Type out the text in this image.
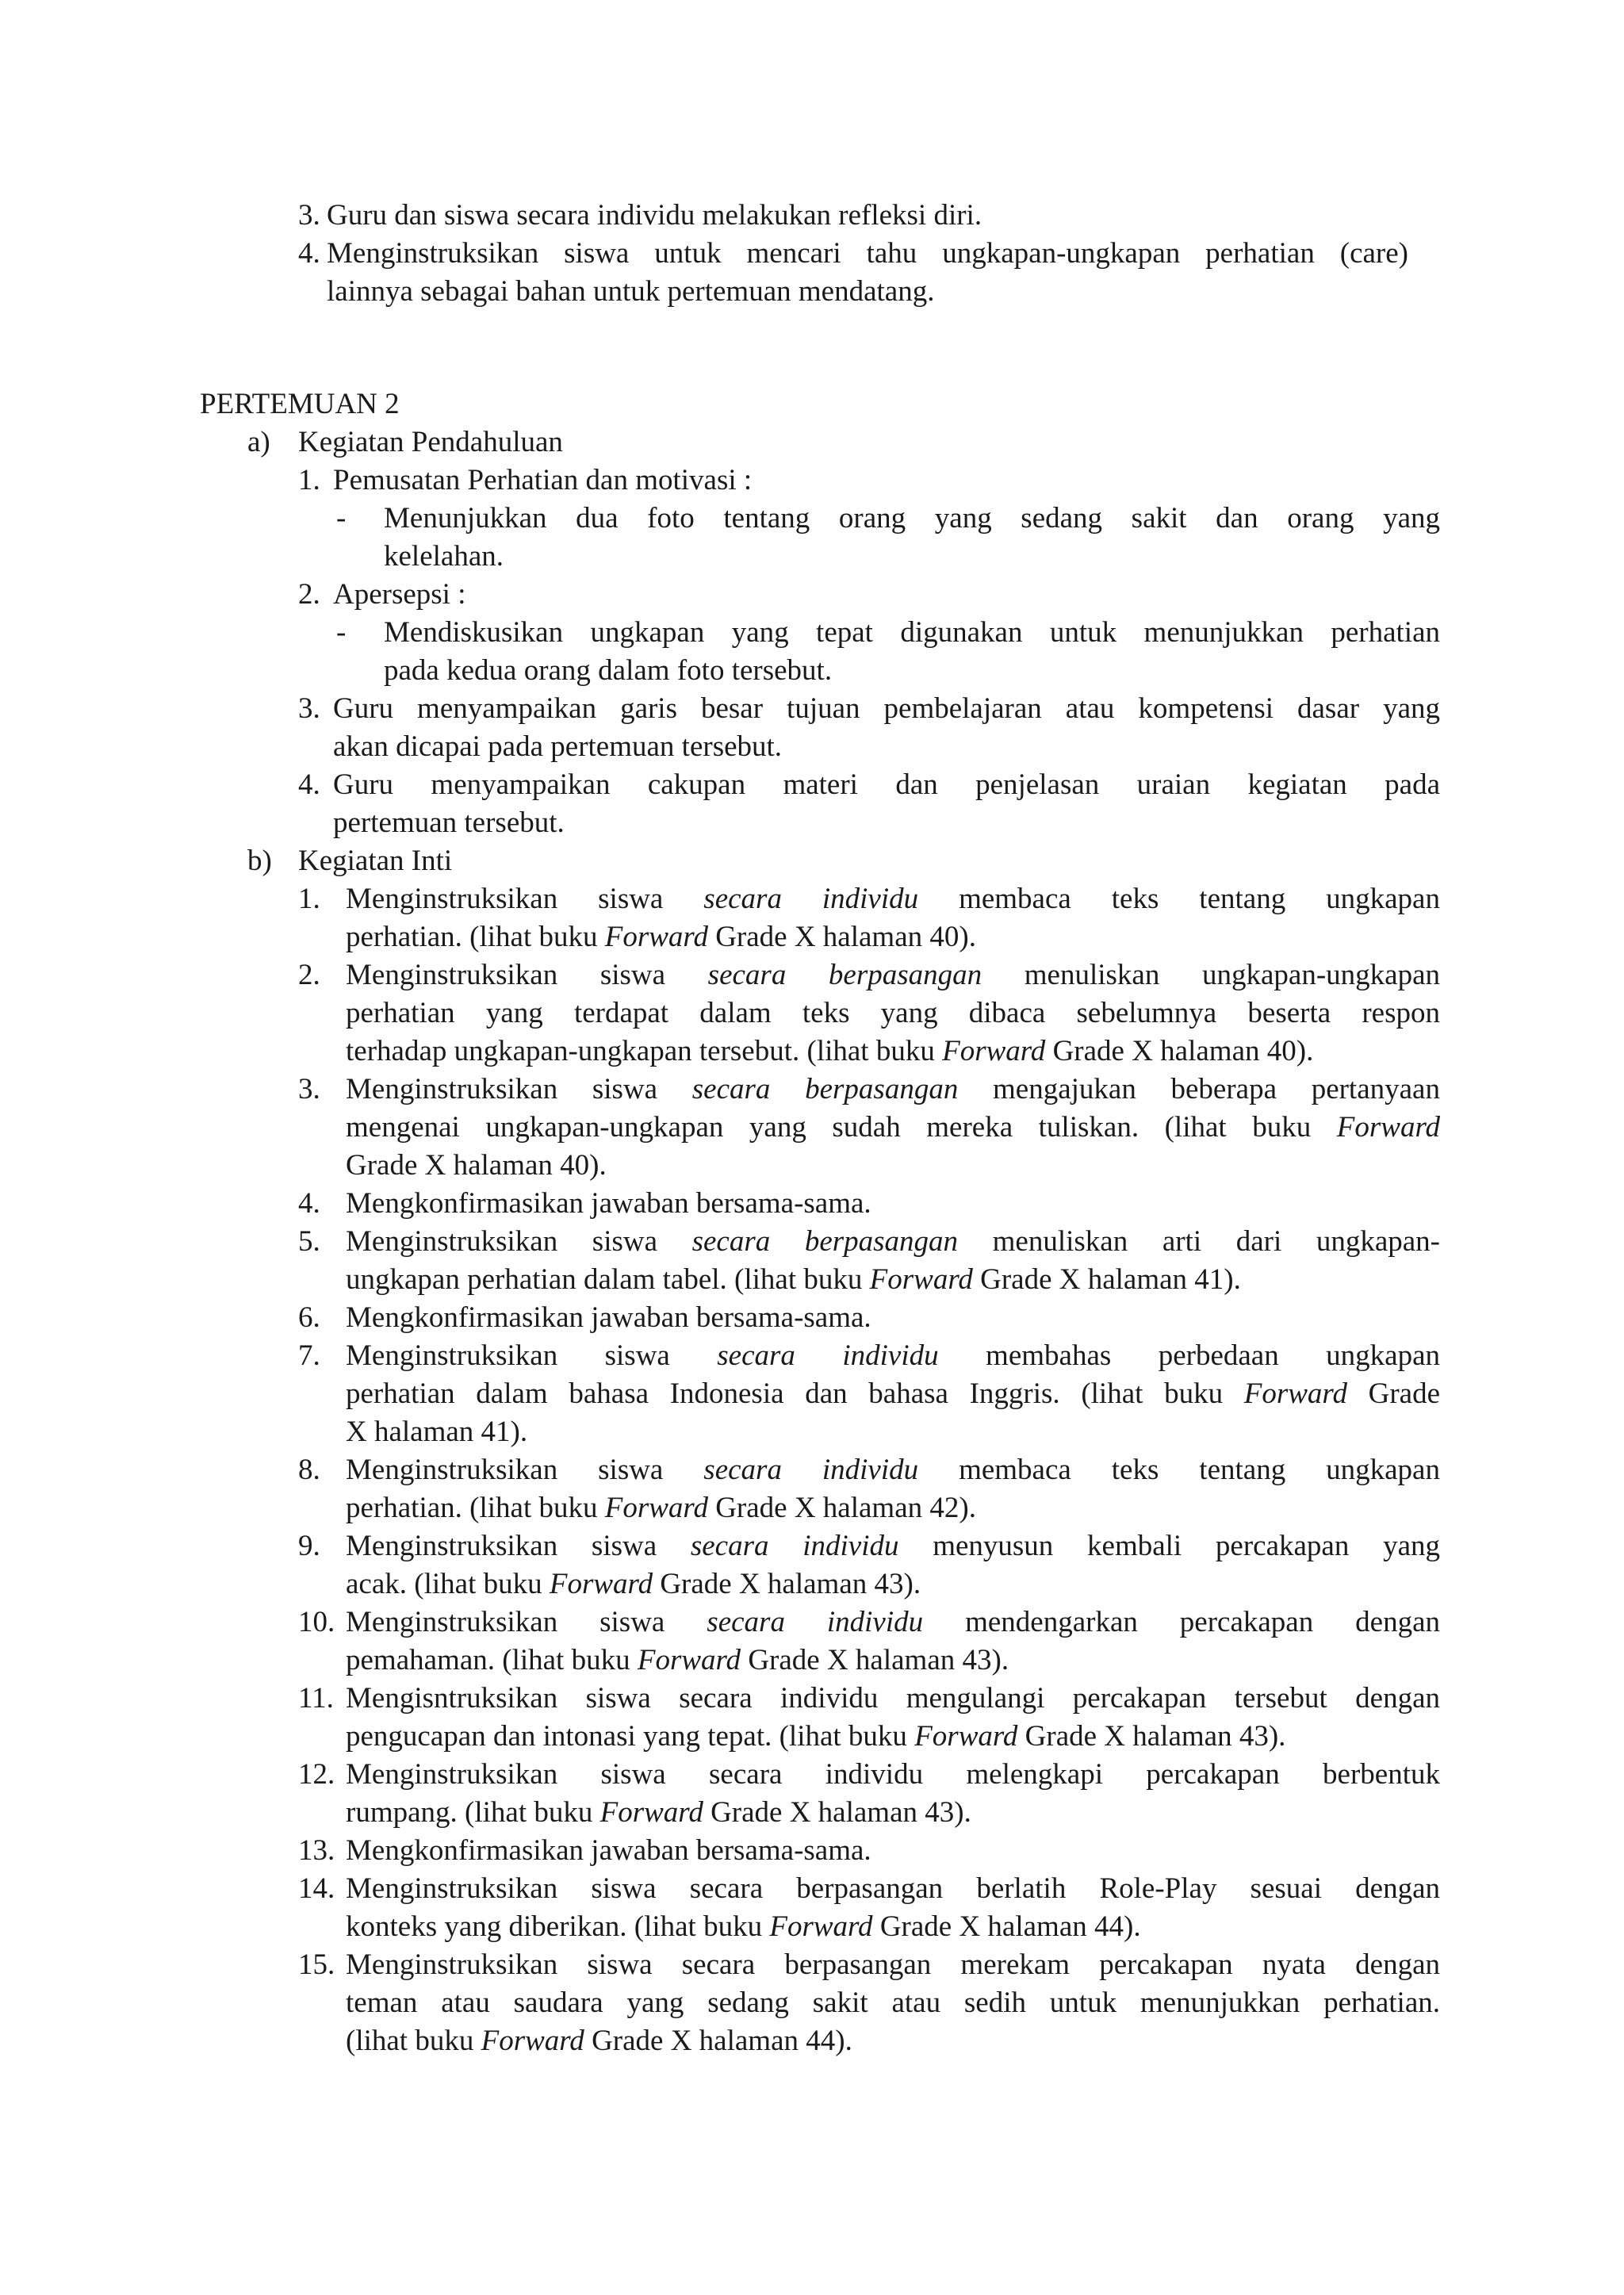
3. Guru dan siswa secara individu melakukan refleksi diri.
4. Menginstruksikan siswa untuk mencari tahu ungkapan-ungkapan perhatian (care)
lainnya sebagai bahan untuk pertemuan mendatang.
PERTEMUAN 2
a) Kegiatan Pendahuluan
1. Pemusatan Perhatian dan motivasi :
-	Menunjukkan dua foto tentang orang yang sedang sakit dan orang yang
kelelahan.
2. Apersepsi :
-	Mendiskusikan ungkapan yang tepat digunakan untuk menunjukkan perhatian
pada kedua orang dalam foto tersebut.
3. Guru menyampaikan garis besar tujuan pembelajaran atau kompetensi dasar yang
akan dicapai pada pertemuan tersebut.
4. Guru menyampaikan cakupan materi dan penjelasan uraian kegiatan pada
pertemuan tersebut.
b) Kegiatan Inti
1. Menginstruksikan siswa secara individu membaca teks tentang ungkapan
perhatian. (lihat buku Forward Grade X halaman 40).
2. Menginstruksikan siswa secara berpasangan menuliskan ungkapan-ungkapan
perhatian yang terdapat dalam teks yang dibaca sebelumnya beserta respon
terhadap ungkapan-ungkapan tersebut. (lihat buku Forward Grade X halaman 40).
3. Menginstruksikan siswa secara berpasangan mengajukan beberapa pertanyaan
mengenai ungkapan-ungkapan yang sudah mereka tuliskan. (lihat buku Forward
Grade X halaman 40).
4. Mengkonfirmasikan jawaban bersama-sama.
5. Menginstruksikan siswa secara berpasangan menuliskan arti dari ungkapan-
ungkapan perhatian dalam tabel. (lihat buku Forward Grade X halaman 41).
6. Mengkonfirmasikan jawaban bersama-sama.
7. Menginstruksikan siswa secara individu membahas perbedaan ungkapan
perhatian dalam bahasa Indonesia dan bahasa Inggris. (lihat buku Forward Grade
X halaman 41).
8. Menginstruksikan siswa secara individu membaca teks tentang ungkapan
perhatian. (lihat buku Forward Grade X halaman 42).
9. Menginstruksikan siswa secara individu menyusun kembali percakapan yang
acak. (lihat buku Forward Grade X halaman 43).
10. Menginstruksikan siswa secara individu mendengarkan percakapan dengan
pemahaman. (lihat buku Forward Grade X halaman 43).
11. Mengisntruksikan siswa secara individu mengulangi percakapan tersebut dengan
pengucapan dan intonasi yang tepat. (lihat buku Forward Grade X halaman 43).
12. Menginstruksikan siswa secara individu melengkapi percakapan berbentuk
rumpang. (lihat buku Forward Grade X halaman 43).
13. Mengkonfirmasikan jawaban bersama-sama.
14. Menginstruksikan siswa secara berpasangan berlatih Role-Play sesuai dengan
konteks yang diberikan. (lihat buku Forward Grade X halaman 44).
15. Menginstruksikan siswa secara berpasangan merekam percakapan nyata dengan
teman atau saudara yang sedang sakit atau sedih untuk menunjukkan perhatian.
(lihat buku Forward Grade X halaman 44).
